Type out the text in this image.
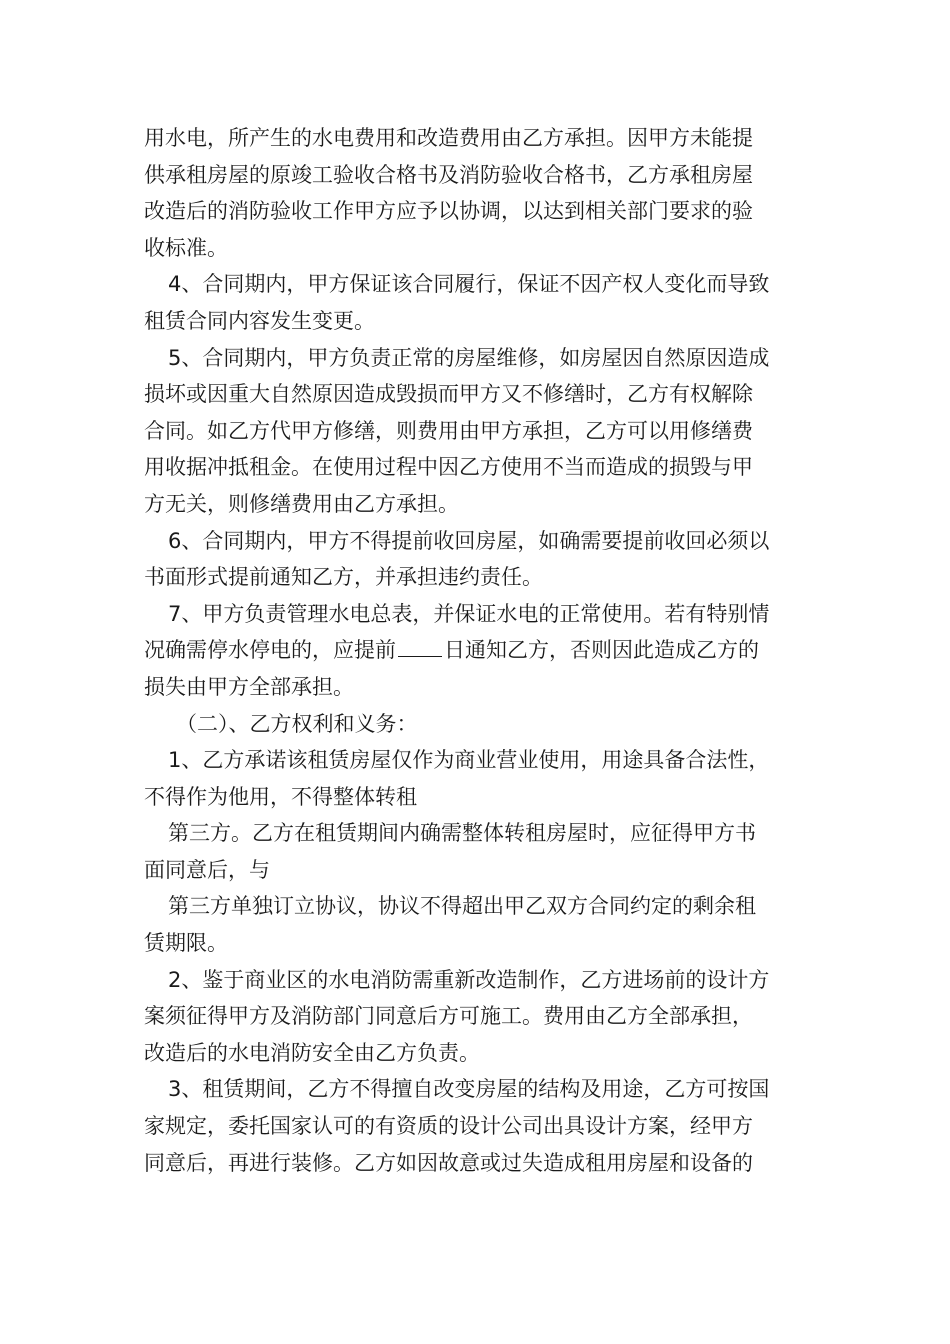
用水电，所产生的水电费用和改造费用由乙方承担。因甲方未能提
供承租房屋的原竣工验收合格书及消防验收合格书，乙方承租房屋
改造后的消防验收工作甲方应予以协调，以达到相关部门要求的验
收标准。
4、合同期内，甲方保证该合同履行，保证不因产权人变化而导致
租赁合同内容发生变更。
5、合同期内，甲方负责正常的房屋维修，如房屋因自然原因造成
损坏或因重大自然原因造成毁损而甲方又不修缮时，乙方有权解除
合同。如乙方代甲方修缮，则费用由甲方承担，乙方可以用修缮费
用收据冲抵租金。在使用过程中因乙方使用不当而造成的损毁与甲
方无关，则修缮费用由乙方承担。
6、合同期内，甲方不得提前收回房屋，如确需要提前收回必须以
书面形式提前通知乙方，并承担违约责任。
7、甲方负责管理水电总表，并保证水电的正常使用。若有特别情
况确需停水停电的，应提前 日通知乙方，否则因此造成乙方的
损失由甲方全部承担。
（二）、乙方权利和义务：
1、乙方承诺该租赁房屋仅作为商业营业使用，用途具备合法性，
不得作为他用，不得整体转租
第三方。乙方在租赁期间内确需整体转租房屋时，应征得甲方书
面同意后，与
第三方单独订立协议，协议不得超出甲乙双方合同约定的剩余租
赁期限。
2、鉴于商业区的水电消防需重新改造制作，乙方进场前的设计方
案须征得甲方及消防部门同意后方可施工。费用由乙方全部承担，
改造后的水电消防安全由乙方负责。
3、租赁期间，乙方不得擅自改变房屋的结构及用途，乙方可按国
家规定，委托国家认可的有资质的设计公司出具设计方案，经甲方
同意后，再进行装修。乙方如因故意或过失造成租用房屋和设备的
